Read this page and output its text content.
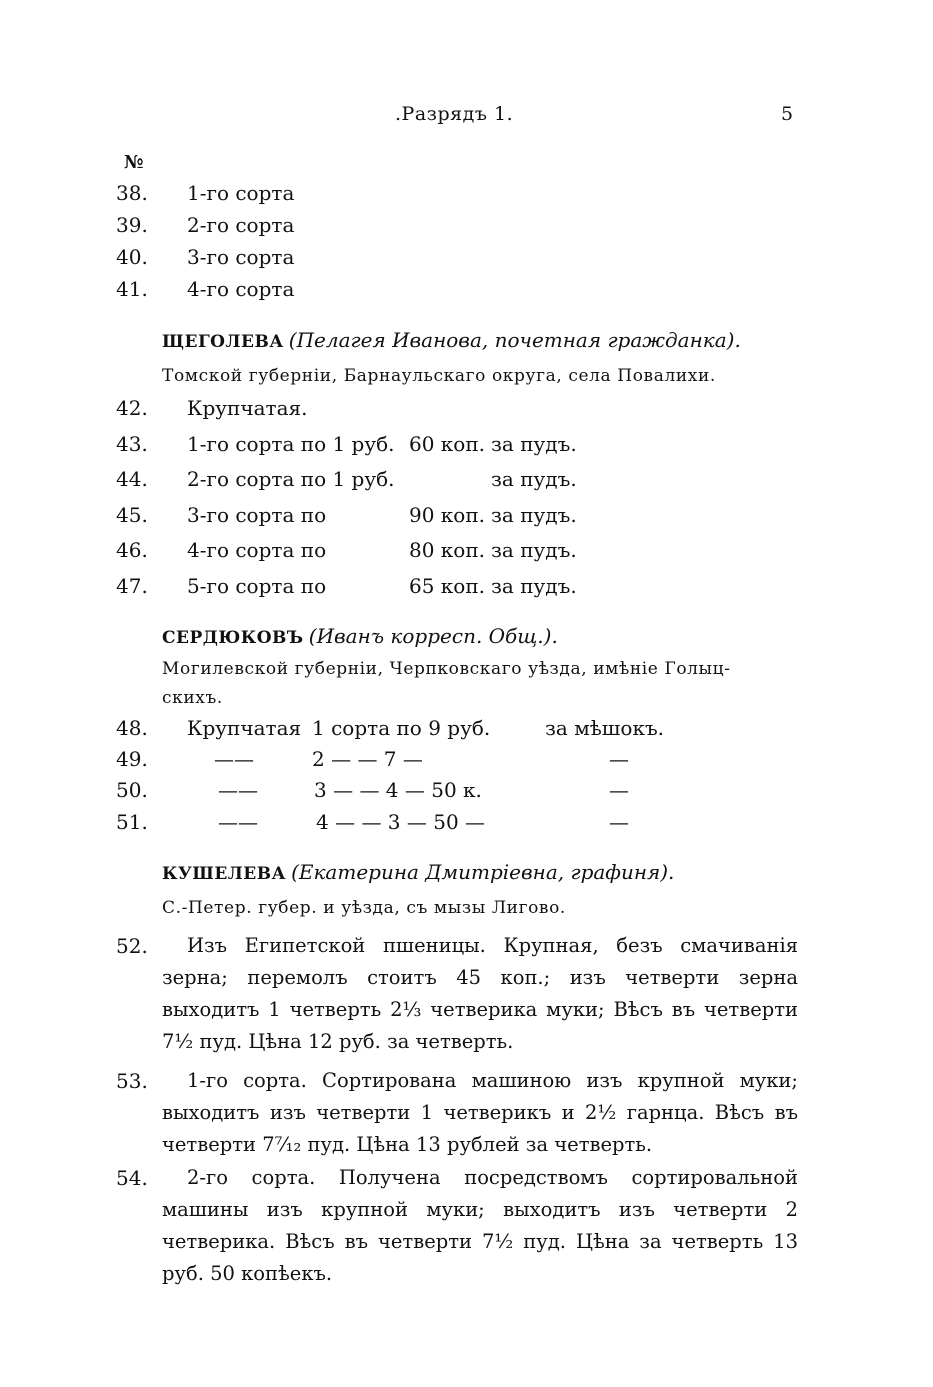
.Разрядъ 1.	5
№
38. 1-го сорта
39. 2-го сорта
40. 3-го сорта
41. 4-го сорта
ЩЕГОЛЕВА (Пелагея Иванова, почетная гражданка).
Томской губерніи, Барнаульскаго округа, села Повалихи.
42. Крупчатая.
43. 1-го сорта по 1 руб. 60 коп. за пудъ.
44. 2-го сорта по 1 руб.	за пудъ.
45. 3-го сорта по	90 коп. за пудъ.
46. 4-го сорта по	80 коп. за пудъ.
47. 5-го сорта по	65 коп. за пудъ.
СЕРДЮКОВЪ (Иванъ корресп. Общ.).
Могилевской губерніи, Черпковскаго уѣзда, имѣніе Голыц-
скихъ.
48. Крупчатая 1 сорта по 9 руб.	за мѣшокъ.
49.	——	2 — — 7 —	—
50.	——	3 — — 4 — 50 к.	—
51.	——	4 — — 3 — 50 —	—
КУШЕЛЕВА (Екатерина Дмитріевна, графиня).
С.-Петер. губер. и уѣзда, съ мызы Лигово.
52.	Изъ Египетской пшеницы. Крупная, безъ смачиванія зерна; перемолъ стоитъ 45 коп.; изъ четверти зерна выходитъ 1 четверть 2⅓ четверика муки; Вѣсъ въ четверти 7½ пуд. Цѣна 12 руб. за четверть.
53.	1-го сорта. Сортирована машиною изъ крупной муки; выходитъ изъ четверти 1 четверикъ и 2½ гарнца. Вѣсъ въ четверти 7⁷⁄₁₂ пуд. Цѣна 13 рублей за четверть.
54.	2-го сорта. Получена посредствомъ сортировальной машины изъ крупной муки; выходитъ изъ четверти 2 четверика. Вѣсъ въ четверти 7½ пуд. Цѣна за четверть 13 руб. 50 копѣекъ.
